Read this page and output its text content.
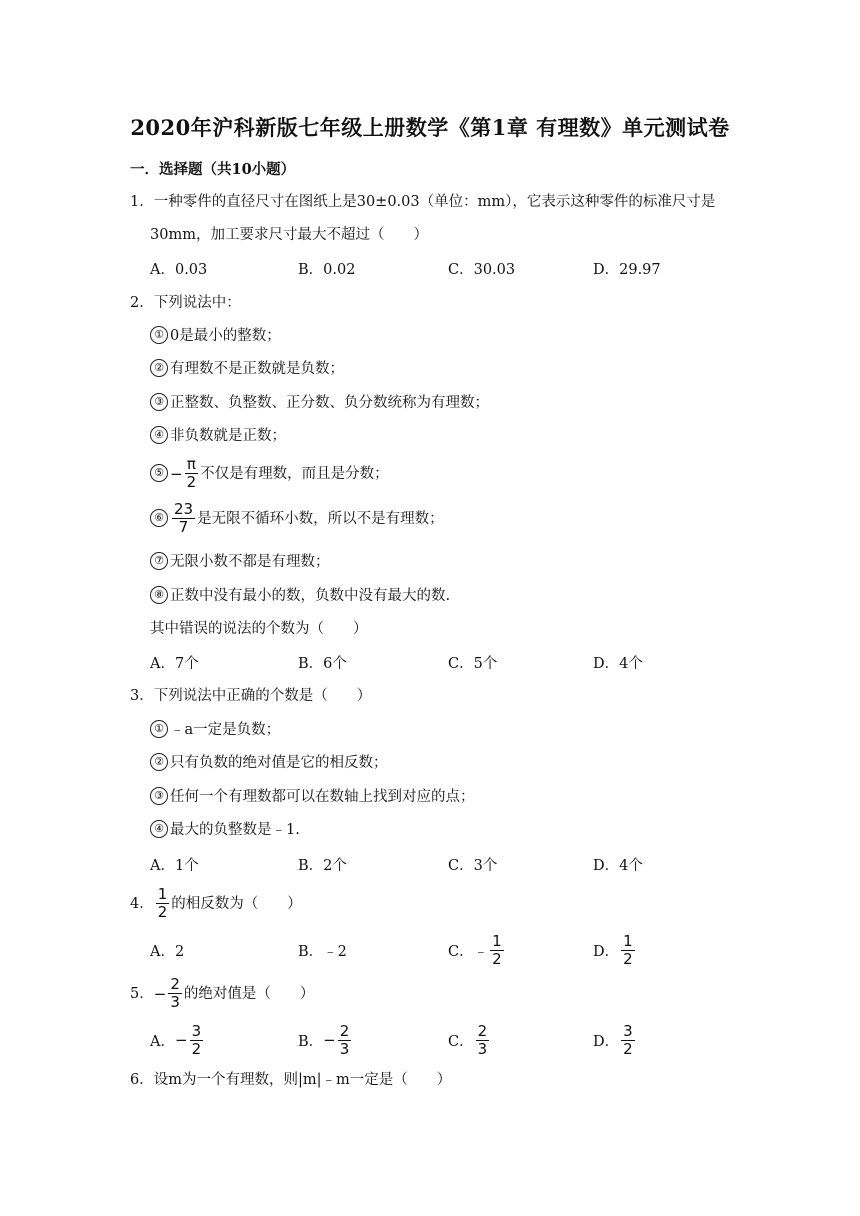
2020年沪科新版七年级上册数学《第1章 有理数》单元测试卷
一．选择题（共10小题）
1．一种零件的直径尺寸在图纸上是30±0.03（单位：mm），它表示这种零件的标准尺寸是
30mm，加工要求尺寸最大不超过（　　）
A．0.03	B．0.02	C．30.03	D．29.97
2．下列说法中：
① 0是最小的整数；
② 有理数不是正数就是负数；
③ 正整数、负整数、正分数、负分数统称为有理数；
④ 非负数就是正数；
⑤ − $\frac{\pi}{2}$ 不仅是有理数，而且是分数；
⑥ $\frac{23}{7}$ 是无限不循环小数，所以不是有理数；
⑦ 无限小数不都是有理数；
⑧ 正数中没有最小的数，负数中没有最大的数.
其中错误的说法的个数为（　　）
A．7个	B．6个	C．5个	D．4个
3．下列说法中正确的个数是（　　）
① ﹣a一定是负数；
② 只有负数的绝对值是它的相反数；
③ 任何一个有理数都可以在数轴上找到对应的点；
④ 最大的负整数是﹣1.
A．1个	B．2个	C．3个	D．4个
4． $\frac{1}{2}$ 的相反数为（　　）
A．2	B．﹣2	C． ﹣ $\frac{1}{2}$	D． $\frac{1}{2}$
5． − $\frac{2}{3}$ 的绝对值是（　　）
A． − $\frac{3}{2}$	B． − $\frac{2}{3}$	C． $\frac{2}{3}$	D． $\frac{3}{2}$
6．设m为一个有理数，则|m|﹣m一定是（　　）
